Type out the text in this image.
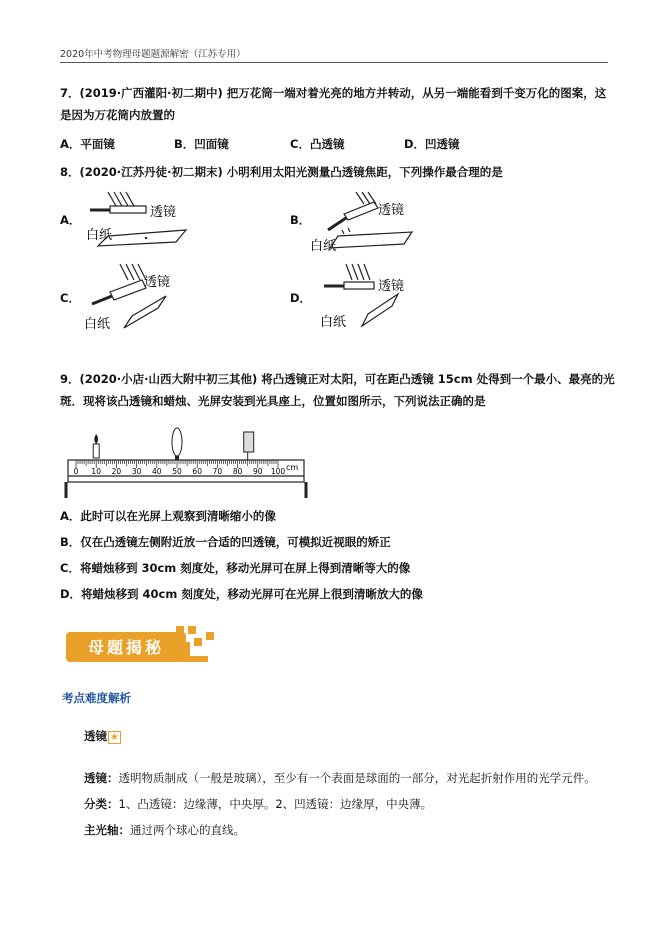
2020年中考物理母题题源解密（江苏专用）
7．(2019·广西灌阳·初二期中) 把万花筒一端对着光亮的地方并转动，从另一端能看到千变万化的图案，这
是因为万花筒内放置的
A．平面镜	B．凹面镜	C．凸透镜	D．凹透镜
8．(2020·江苏丹徒·初二期末) 小明利用太阳光测量凸透镜焦距，下列操作最合理的是
A．	透镜
白纸
B．
透镜
白纸
C．
透镜
白纸
D．
透镜
白纸
9．(2020·小店·山西大附中初三其他) 将凸透镜正对太阳，可在距凸透镜 15cm 处得到一个最小、最亮的光
斑．现将该凸透镜和蜡烛、光屏安装到光具座上，位置如图所示，下列说法正确的是
0 10 20 30 40 50 60 70 80 90 100 cm
A．此时可以在光屏上观察到清晰缩小的像
B．仅在凸透镜左侧附近放一合适的凹透镜，可模拟近视眼的矫正
C．将蜡烛移到 30cm 刻度处，移动光屏可在屏上得到清晰等大的像
D．将蜡烛移到 40cm 刻度处，移动光屏可在光屏上很到清晰放大的像
母题揭秘
考点难度解析
透镜 ★
透镜：透明物质制成（一般是玻璃），至少有一个表面是球面的一部分，对光起折射作用的光学元件。
分类：1、凸透镜：边缘薄，中央厚。2、凹透镜：边缘厚，中央薄。
主光轴：通过两个球心的直线。
